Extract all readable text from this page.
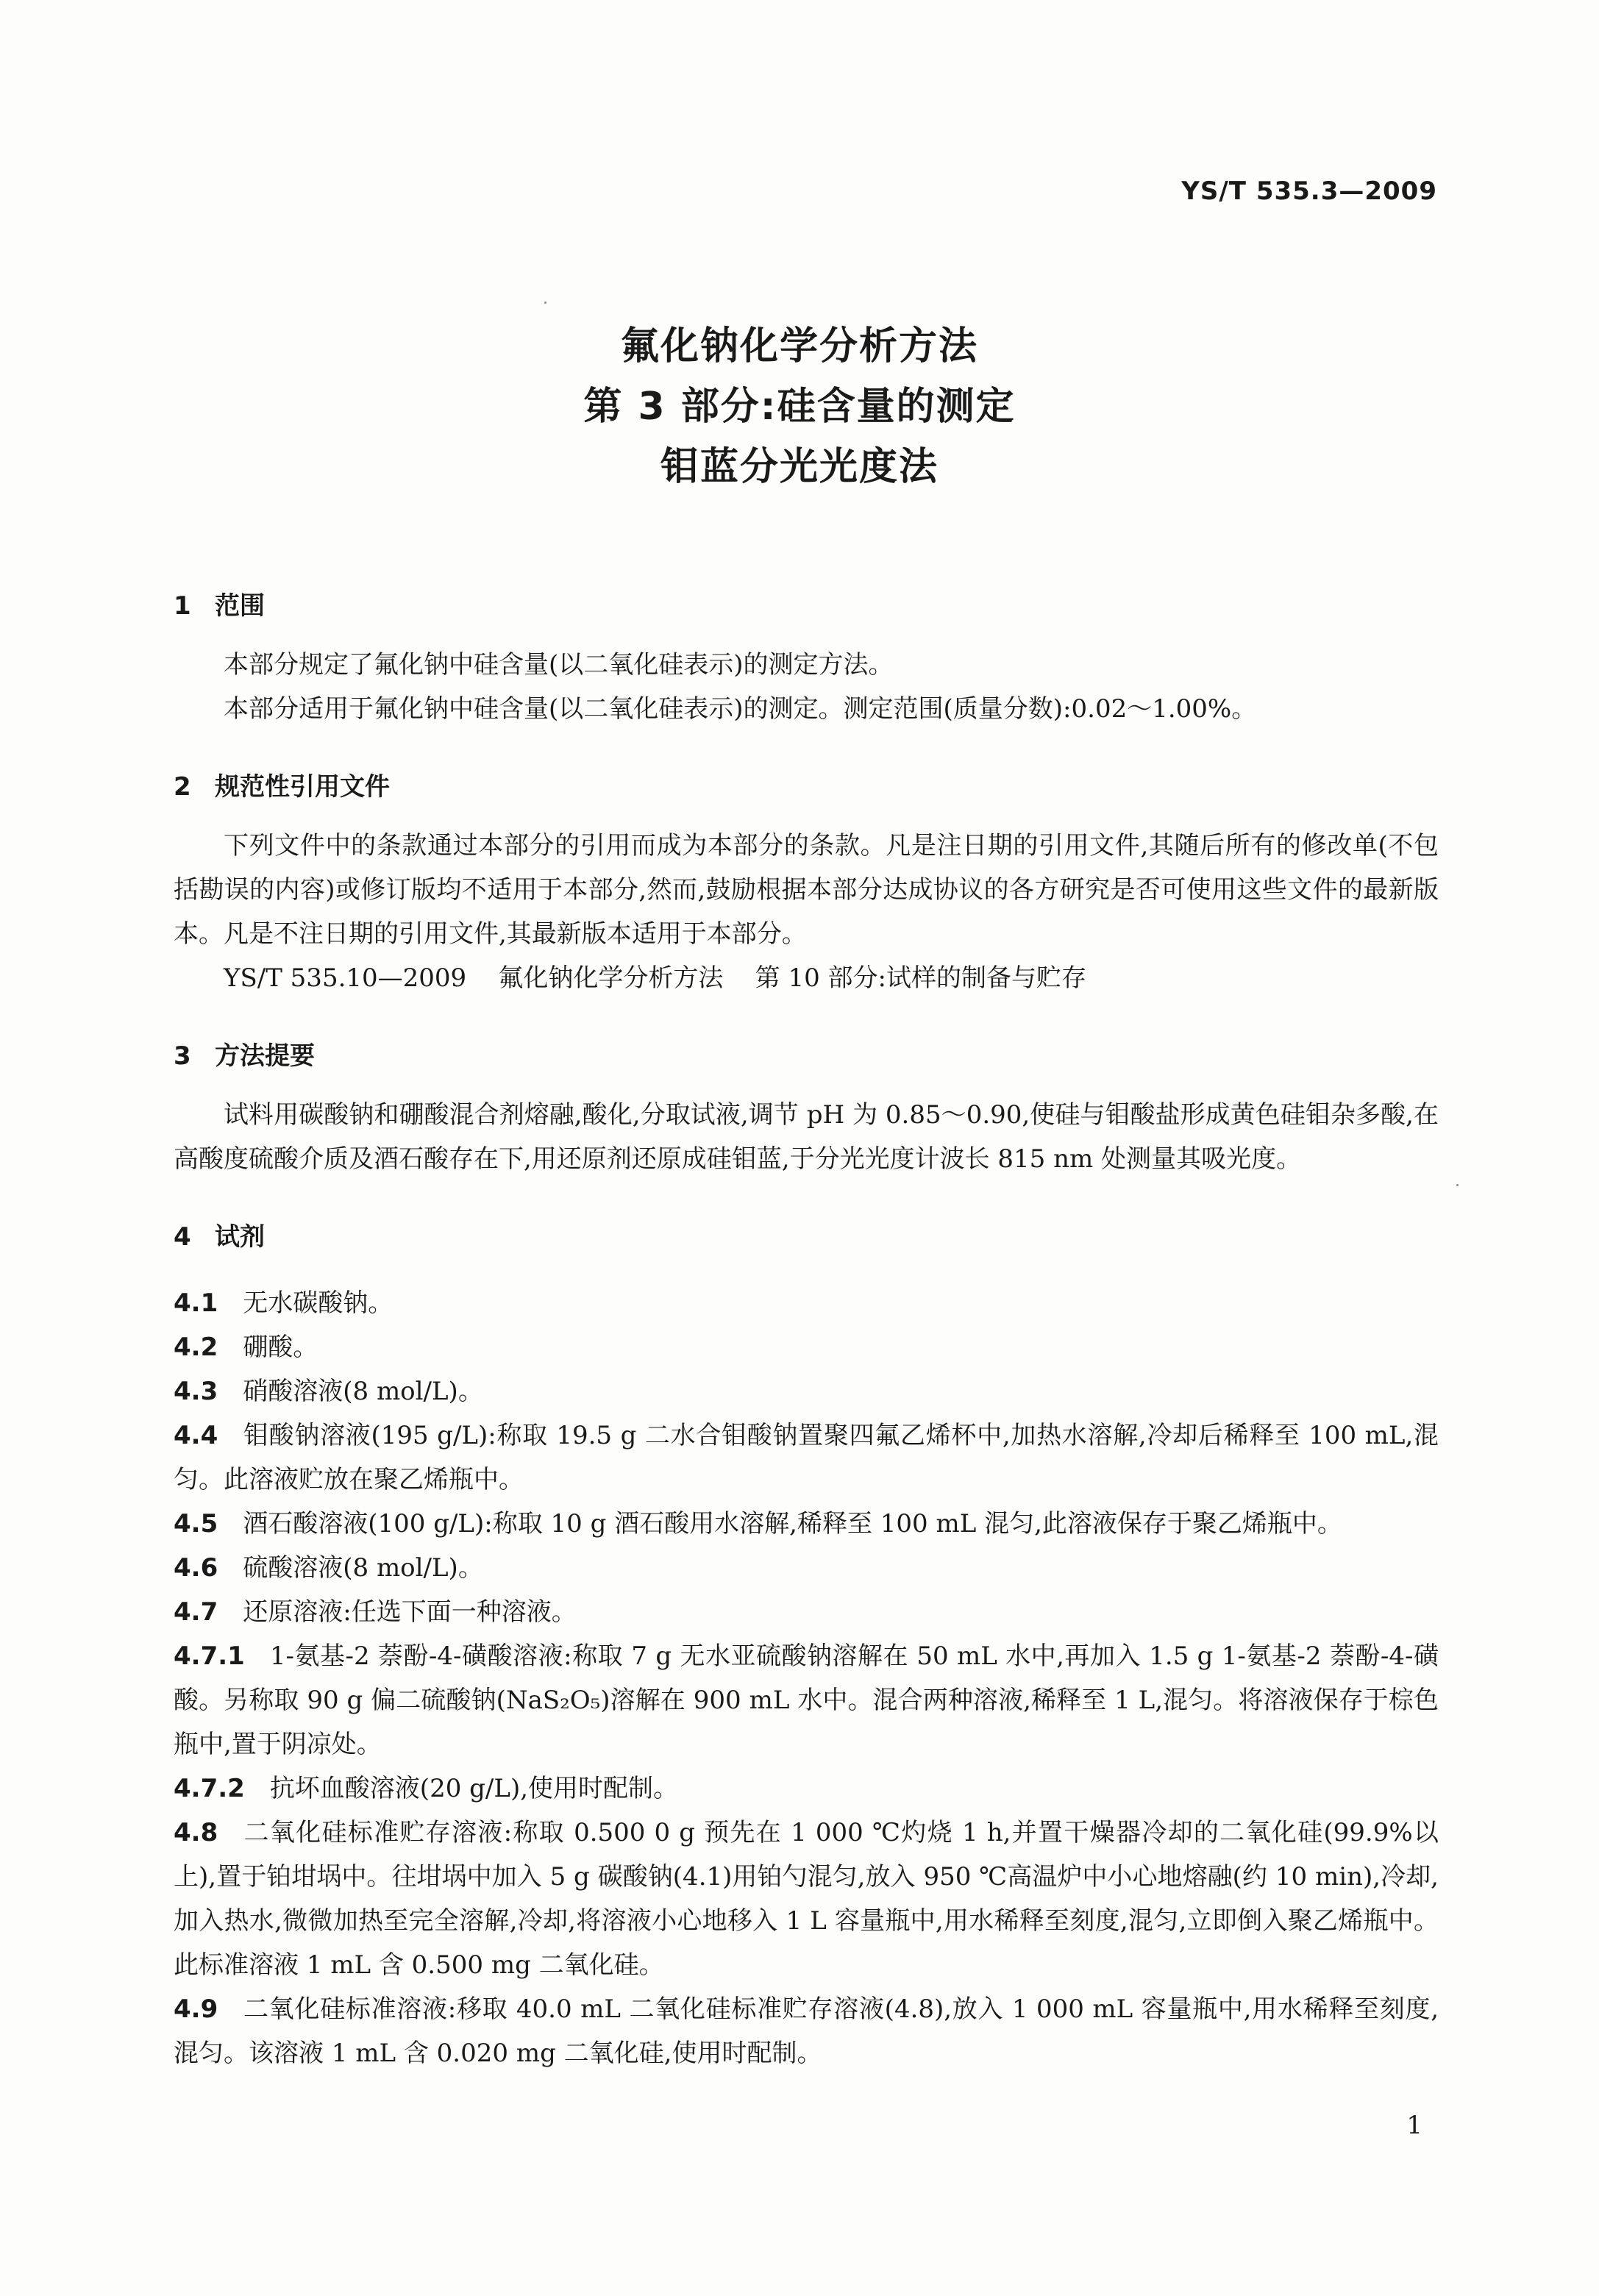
YS/T 535.3—2009
氟化钠化学分析方法
第 3 部分:硅含量的测定
钼蓝分光光度法
1 范围

本部分规定了氟化钠中硅含量(以二氧化硅表示)的测定方法。

本部分适用于氟化钠中硅含量(以二氧化硅表示)的测定。测定范围(质量分数):0.02～1.00%。

2 规范性引用文件

下列文件中的条款通过本部分的引用而成为本部分的条款。凡是注日期的引用文件,其随后所有的修改单(不包括勘误的内容)或修订版均不适用于本部分,然而,鼓励根据本部分达成协议的各方研究是否可使用这些文件的最新版本。凡是不注日期的引用文件,其最新版本适用于本部分。

YS/T 535.10—2009    氟化钠化学分析方法    第 10 部分:试样的制备与贮存

3 方法提要

试料用碳酸钠和硼酸混合剂熔融,酸化,分取试液,调节 pH 为 0.85～0.90,使硅与钼酸盐形成黄色硅钼杂多酸,在高酸度硫酸介质及酒石酸存在下,用还原剂还原成硅钼蓝,于分光光度计波长 815 nm 处测量其吸光度。

4 试剂

4.1 无水碳酸钠。

4.2 硼酸。

4.3 硝酸溶液(8 mol/L)。

4.4 钼酸钠溶液(195 g/L):称取 19.5 g 二水合钼酸钠置聚四氟乙烯杯中,加热水溶解,冷却后稀释至 100 mL,混匀。此溶液贮放在聚乙烯瓶中。

4.5 酒石酸溶液(100 g/L):称取 10 g 酒石酸用水溶解,稀释至 100 mL 混匀,此溶液保存于聚乙烯瓶中。

4.6 硫酸溶液(8 mol/L)。

4.7 还原溶液:任选下面一种溶液。

4.7.1 1-氨基-2 萘酚-4-磺酸溶液:称取 7 g 无水亚硫酸钠溶解在 50 mL 水中,再加入 1.5 g 1-氨基-2 萘酚-4-磺酸。另称取 90 g 偏二硫酸钠(NaS₂O₅)溶解在 900 mL 水中。混合两种溶液,稀释至 1 L,混匀。将溶液保存于棕色瓶中,置于阴凉处。

4.7.2 抗坏血酸溶液(20 g/L),使用时配制。

4.8 二氧化硅标准贮存溶液:称取 0.500 0 g 预先在 1 000 ℃灼烧 1 h,并置干燥器冷却的二氧化硅(99.9%以上),置于铂坩埚中。往坩埚中加入 5 g 碳酸钠(4.1)用铂勺混匀,放入 950 ℃高温炉中小心地熔融(约 10 min),冷却,加入热水,微微加热至完全溶解,冷却,将溶液小心地移入 1 L 容量瓶中,用水稀释至刻度,混匀,立即倒入聚乙烯瓶中。此标准溶液 1 mL 含 0.500 mg 二氧化硅。

4.9 二氧化硅标准溶液:移取 40.0 mL 二氧化硅标准贮存溶液(4.8),放入 1 000 mL 容量瓶中,用水稀释至刻度,混匀。该溶液 1 mL 含 0.020 mg 二氧化硅,使用时配制。

1
